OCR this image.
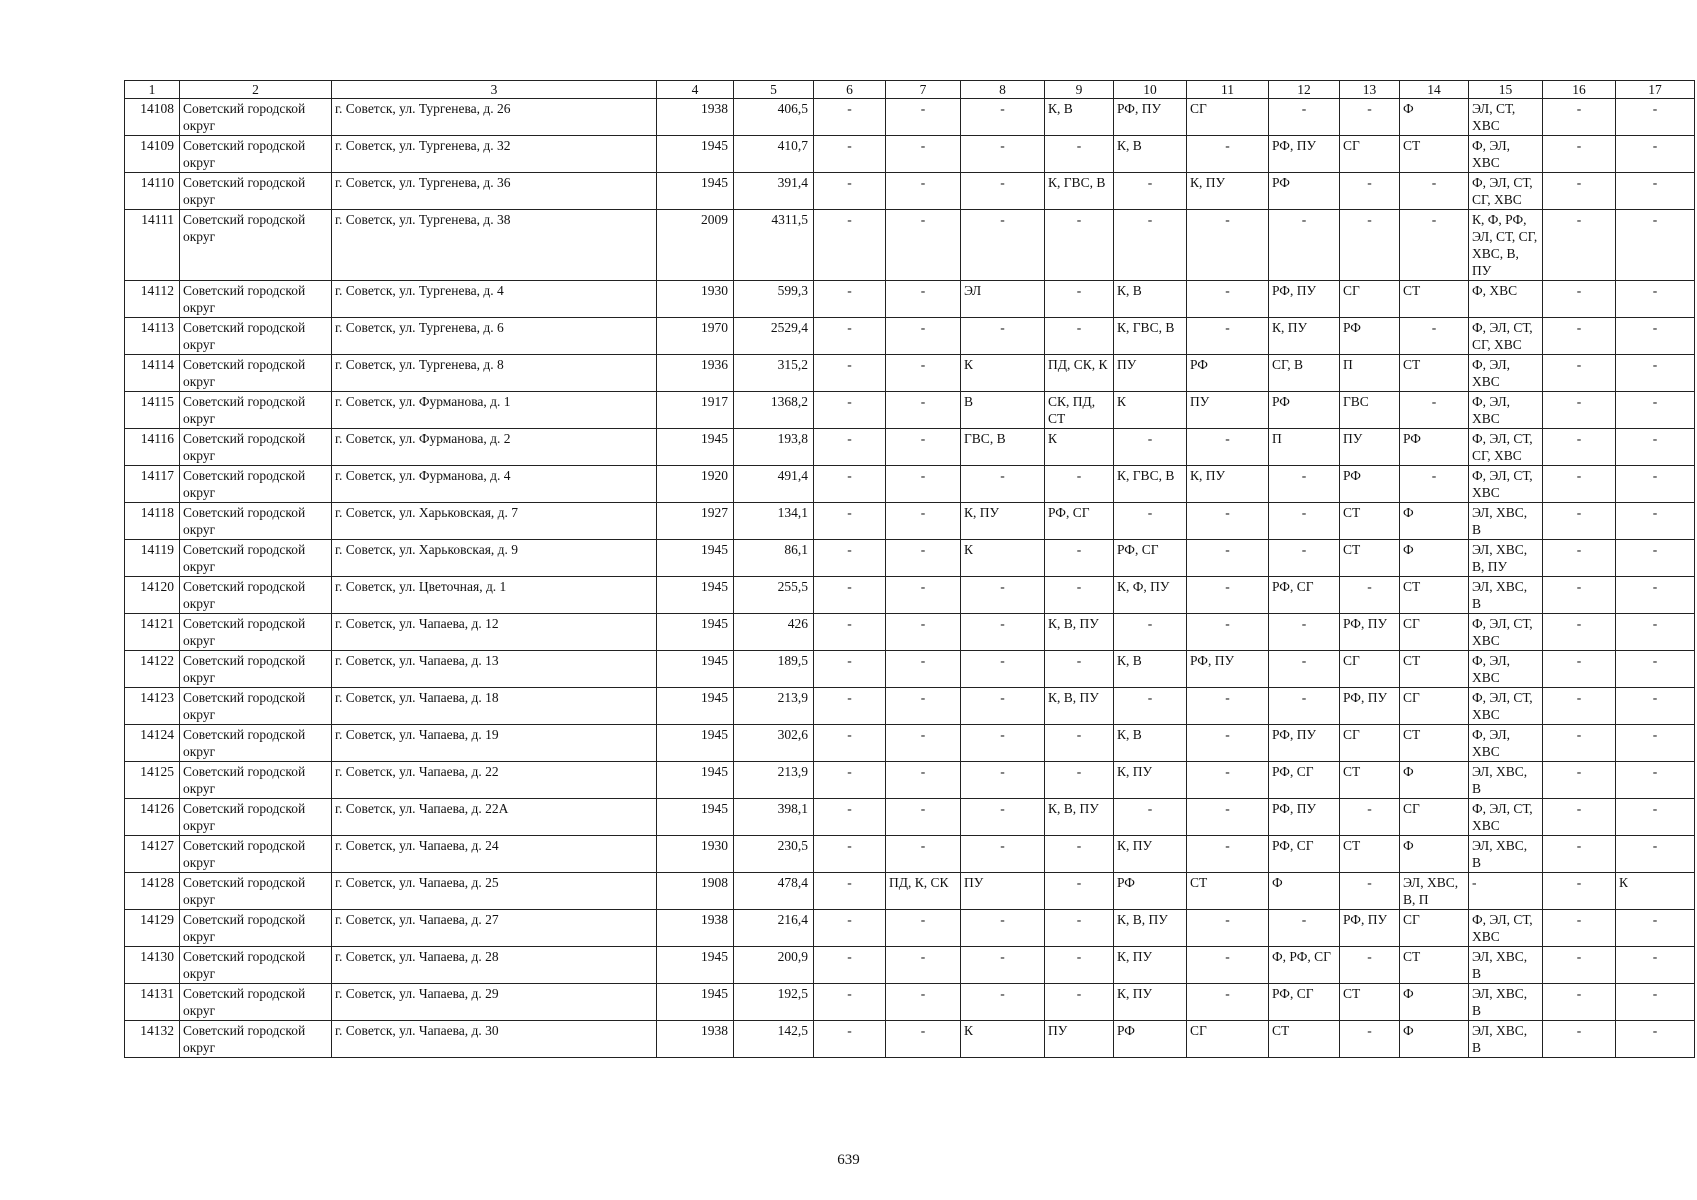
1	2	3	4	5	6	7	8	9	10	11	12	13	14	15	16	17
14108	Советский городской
округ	г. Советск, ул. Тургенева, д. 26	1938	406,5	-	-	-	К, В	РФ, ПУ	СГ	-	-	Ф	ЭЛ, СТ, ХВС	-	-
14109	Советский городской
округ	г. Советск, ул. Тургенева, д. 32	1945	410,7	-	-	-	-	К, В	-	РФ, ПУ	СГ	СТ	Ф, ЭЛ, ХВС	-	-
14110	Советский городской
округ	г. Советск, ул. Тургенева, д. 36	1945	391,4	-	-	-	К, ГВС, В	-	К, ПУ	РФ	-	-	Ф, ЭЛ, СТ, СГ, ХВС	-	-
14111	Советский городской
округ	г. Советск, ул. Тургенева, д. 38	2009	4311,5	-	-	-	-	-	-	-	-	-	К, Ф, РФ, ЭЛ, СТ, СГ, ХВС, В, ПУ	-	-
14112	Советский городской
округ	г. Советск, ул. Тургенева, д. 4	1930	599,3	-	-	ЭЛ	-	К, В	-	РФ, ПУ	СГ	СТ	Ф, ХВС	-	-
14113	Советский городской
округ	г. Советск, ул. Тургенева, д. 6	1970	2529,4	-	-	-	-	К, ГВС, В	-	К, ПУ	РФ	-	Ф, ЭЛ, СТ, СГ, ХВС	-	-
14114	Советский городской
округ	г. Советск, ул. Тургенева, д. 8	1936	315,2	-	-	К	ПД, СК, К	ПУ	РФ	СГ, В	П	СТ	Ф, ЭЛ, ХВС	-	-
14115	Советский городской
округ	г. Советск, ул. Фурманова, д. 1	1917	1368,2	-	-	В	СК, ПД, СТ	К	ПУ	РФ	ГВС	-	Ф, ЭЛ, ХВС	-	-
14116	Советский городской
округ	г. Советск, ул. Фурманова, д. 2	1945	193,8	-	-	ГВС, В	К	-	-	П	ПУ	РФ	Ф, ЭЛ, СТ, СГ, ХВС	-	-
14117	Советский городской
округ	г. Советск, ул. Фурманова, д. 4	1920	491,4	-	-	-	-	К, ГВС, В	К, ПУ	-	РФ	-	Ф, ЭЛ, СТ, ХВС	-	-
14118	Советский городской
округ	г. Советск, ул. Харьковская, д. 7	1927	134,1	-	-	К, ПУ	РФ, СГ	-	-	-	СТ	Ф	ЭЛ, ХВС, В	-	-
14119	Советский городской
округ	г. Советск, ул. Харьковская, д. 9	1945	86,1	-	-	К	-	РФ, СГ	-	-	СТ	Ф	ЭЛ, ХВС, В, ПУ	-	-
14120	Советский городской
округ	г. Советск, ул. Цветочная, д. 1	1945	255,5	-	-	-	-	К, Ф, ПУ	-	РФ, СГ	-	СТ	ЭЛ, ХВС, В	-	-
14121	Советский городской
округ	г. Советск, ул. Чапаева, д. 12	1945	426	-	-	-	К, В, ПУ	-	-	-	РФ, ПУ	СГ	Ф, ЭЛ, СТ, ХВС	-	-
14122	Советский городской
округ	г. Советск, ул. Чапаева, д. 13	1945	189,5	-	-	-	-	К, В	РФ, ПУ	-	СГ	СТ	Ф, ЭЛ, ХВС	-	-
14123	Советский городской
округ	г. Советск, ул. Чапаева, д. 18	1945	213,9	-	-	-	К, В, ПУ	-	-	-	РФ, ПУ	СГ	Ф, ЭЛ, СТ, ХВС	-	-
14124	Советский городской
округ	г. Советск, ул. Чапаева, д. 19	1945	302,6	-	-	-	-	К, В	-	РФ, ПУ	СГ	СТ	Ф, ЭЛ, ХВС	-	-
14125	Советский городской
округ	г. Советск, ул. Чапаева, д. 22	1945	213,9	-	-	-	-	К, ПУ	-	РФ, СГ	СТ	Ф	ЭЛ, ХВС, В	-	-
14126	Советский городской
округ	г. Советск, ул. Чапаева, д. 22А	1945	398,1	-	-	-	К, В, ПУ	-	-	РФ, ПУ	-	СГ	Ф, ЭЛ, СТ, ХВС	-	-
14127	Советский городской
округ	г. Советск, ул. Чапаева, д. 24	1930	230,5	-	-	-	-	К, ПУ	-	РФ, СГ	СТ	Ф	ЭЛ, ХВС, В	-	-
14128	Советский городской
округ	г. Советск, ул. Чапаева, д. 25	1908	478,4	-	ПД, К, СК	ПУ	-	РФ	СТ	Ф	-	ЭЛ, ХВС, В, П	-	-	К
14129	Советский городской
округ	г. Советск, ул. Чапаева, д. 27	1938	216,4	-	-	-	-	К, В, ПУ	-	-	РФ, ПУ	СГ	Ф, ЭЛ, СТ, ХВС	-	-
14130	Советский городской
округ	г. Советск, ул. Чапаева, д. 28	1945	200,9	-	-	-	-	К, ПУ	-	Ф, РФ, СГ	-	СТ	ЭЛ, ХВС, В	-	-
14131	Советский городской
округ	г. Советск, ул. Чапаева, д. 29	1945	192,5	-	-	-	-	К, ПУ	-	РФ, СГ	СТ	Ф	ЭЛ, ХВС, В	-	-
14132	Советский городской
округ	г. Советск, ул. Чапаева, д. 30	1938	142,5	-	-	К	ПУ	РФ	СГ	СТ	-	Ф	ЭЛ, ХВС, В	-	-
639
